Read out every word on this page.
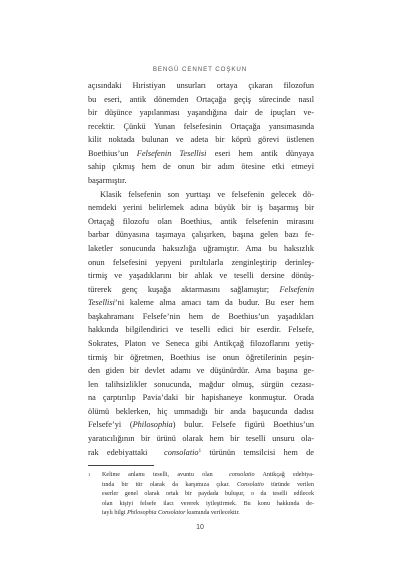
BENGÜ CENNET COŞKUN
açısındaki Hıristiyan unsurları ortaya çıkaran filozofun
bu eseri, antik dönemden Ortaçağa geçiş sürecinde nasıl
bir düşünce yapılanması yaşandığına dair de ipuçları ve-
recektir. Çünkü Yunan felsefesinin Ortaçağa yansımasında
kilit noktada bulunan ve adeta bir köprü görevi üstlenen
Boethius’un Felsefenin Tesellisi eseri hem antik dünyaya
sahip çıkmış hem de onun bir adım ötesine etki etmeyi
başarmıştır.
Klasik felsefenin son yurttaşı ve felsefenin gelecek dö-
nemdeki yerini belirlemek adına büyük bir iş başarmış bir
Ortaçağ filozofu olan Boethius, antik felsefenin mirasını
barbar dünyasına taşımaya çalışırken, başına gelen bazı fe-
laketler sonucunda haksızlığa uğramıştır. Ama bu haksızlık
onun felsefesini yepyeni pırıltılarla zenginleştirip derinleş-
tirmiş ve yaşadıklarını bir ahlak ve teselli dersine dönüş-
türerek genç kuşağa aktarmasını sağlamıştır; Felsefenin
Tesellisi’ni kaleme alma amacı tam da budur. Bu eser hem
başkahramanı Felsefe’nin hem de Boethius’un yaşadıkları
hakkında bilgilendirici ve teselli edici bir eserdir. Felsefe,
Sokrates, Platon ve Seneca gibi Antikçağ filozoflarını yetiş-
tirmiş bir öğretmen, Boethius ise onun öğretilerinin peşin-
den giden bir devlet adamı ve düşünürdür. Ama başına ge-
len talihsizlikler sonucunda, mağdur olmuş, sürgün cezası-
na çarptırılıp Pavia’daki bir hapishaneye konmuştur. Orada
ölümü beklerken, hiç ummadığı bir anda başucunda dadısı
Felsefe’yi (Philosophia) bulur. Felsefe figürü Boethius’un
yaratıcılığının bir ürünü olarak hem bir teselli unsuru ola-
rak edebiyattaki  consolatio$^1$ türünün temsilcisi hem de
1 Kelime anlamı teselli, avuntu olan  consolatio Antikçağ edebiya-
tında bir tür olarak da karşımıza çıkar. Consolatio türünde verilen
eserler genel olarak ortak bir paydada buluşur, o da teselli edilecek
olan kişiyi felsefe ilacı vererek iyileştirmek. Bu konu hakkında de-
taylı bilgi Philosophia Consolator kısmında verilecektir.
10
